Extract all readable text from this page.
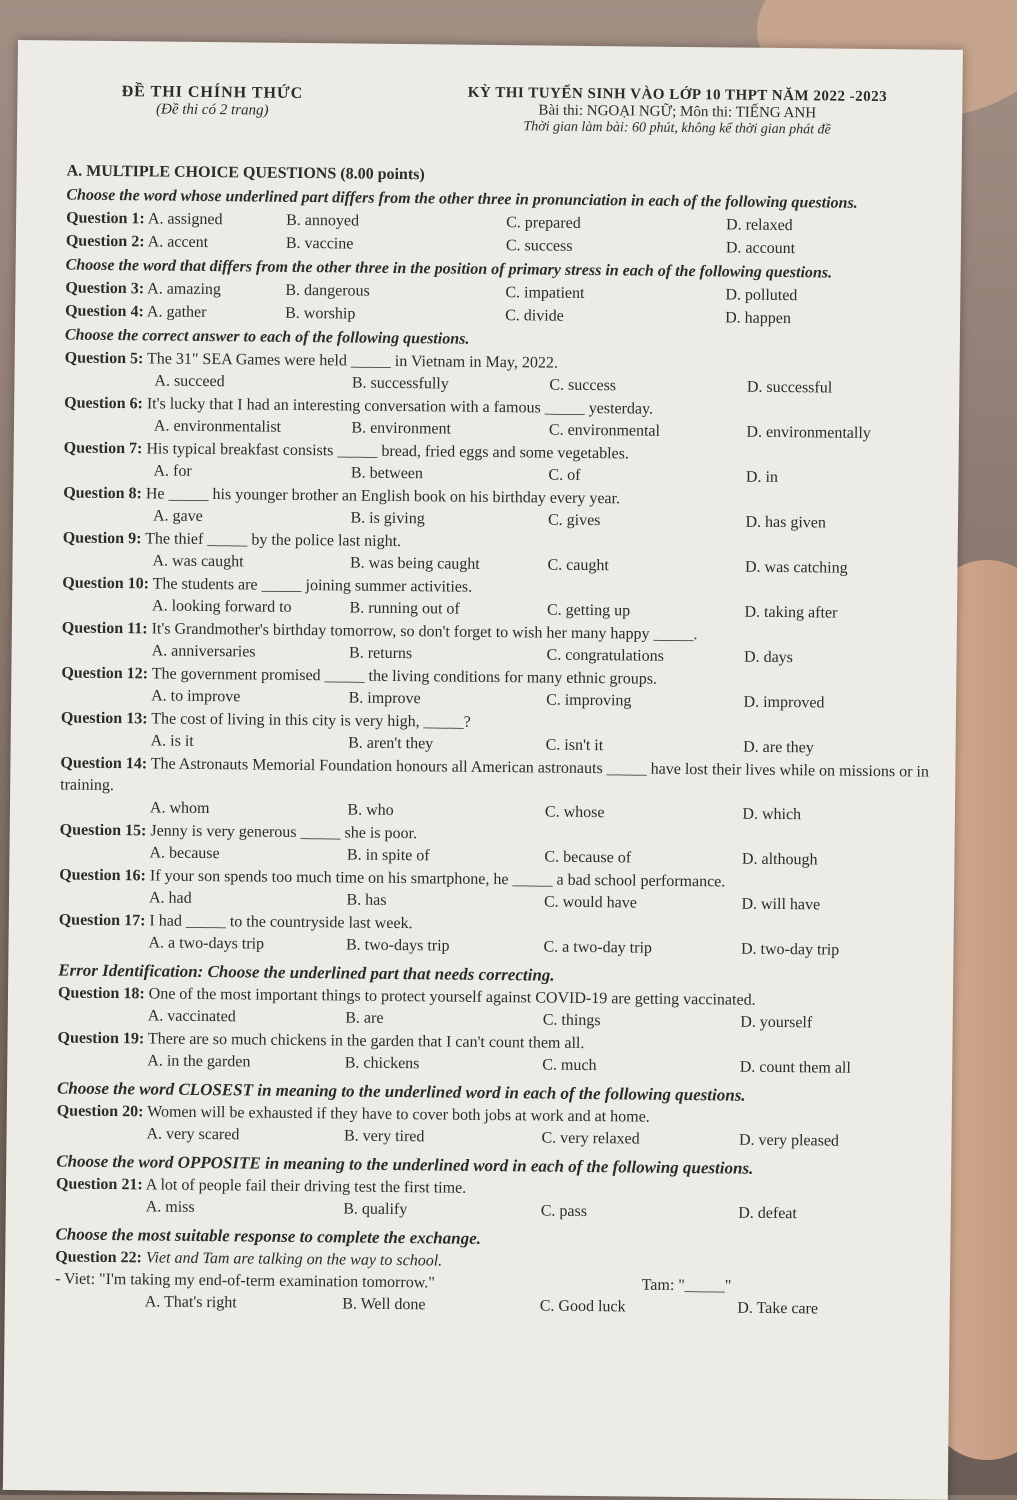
ĐỀ THI CHÍNH THỨC
(Đề thi có 2 trang)
KỲ THI TUYỂN SINH VÀO LỚP 10 THPT NĂM 2022 -2023
Bài thi: NGOẠI NGỮ; Môn thi: TIẾNG ANH
Thời gian làm bài: 60 phút, không kể thời gian phát đề
A. MULTIPLE CHOICE QUESTIONS (8.00 points)
Choose the word whose underlined part differs from the other three in pronunciation in each of the following questions.
Question 1: A. assigned	B. annoyed	C. prepared	D. relaxed
Question 2: A. accent	B. vaccine	C. success	D. account
Choose the word that differs from the other three in the position of primary stress in each of the following questions.
Question 3: A. amazing	B. dangerous	C. impatient	D. polluted
Question 4: A. gather	B. worship	C. divide	D. happen
Choose the correct answer to each of the following questions.
Question 5: The 31" SEA Games were held _____ in Vietnam in May, 2022.
A. succeed	B. successfully	C. success	D. successful
Question 6: It's lucky that I had an interesting conversation with a famous _____ yesterday.
A. environmentalist	B. environment	C. environmental	D. environmentally
Question 7: His typical breakfast consists _____ bread, fried eggs and some vegetables.
A. for	B. between	C. of	D. in
Question 8: He _____ his younger brother an English book on his birthday every year.
A. gave	B. is giving	C. gives	D. has given
Question 9: The thief _____ by the police last night.
A. was caught	B. was being caught	C. caught	D. was catching
Question 10: The students are _____ joining summer activities.
A. looking forward to	B. running out of	C. getting up	D. taking after
Question 11: It's Grandmother's birthday tomorrow, so don't forget to wish her many happy _____.
A. anniversaries	B. returns	C. congratulations	D. days
Question 12: The government promised _____ the living conditions for many ethnic groups.
A. to improve	B. improve	C. improving	D. improved
Question 13: The cost of living in this city is very high, _____?
A. is it	B. aren't they	C. isn't it	D. are they
Question 14: The Astronauts Memorial Foundation honours all American astronauts _____ have lost their lives while on missions or in training.
A. whom	B. who	C. whose	D. which
Question 15: Jenny is very generous _____ she is poor.
A. because	B. in spite of	C. because of	D. although
Question 16: If your son spends too much time on his smartphone, he _____ a bad school performance.
A. had	B. has	C. would have	D. will have
Question 17: I had _____ to the countryside last week.
A. a two-days trip	B. two-days trip	C. a two-day trip	D. two-day trip
Error Identification: Choose the underlined part that needs correcting.
Question 18: One of the most important things to protect yourself against COVID-19 are getting vaccinated.
A. vaccinated	B. are	C. things	D. yourself
Question 19: There are so much chickens in the garden that I can't count them all.
A. in the garden	B. chickens	C. much	D. count them all
Choose the word CLOSEST in meaning to the underlined word in each of the following questions.
Question 20: Women will be exhausted if they have to cover both jobs at work and at home.
A. very scared	B. very tired	C. very relaxed	D. very pleased
Choose the word OPPOSITE in meaning to the underlined word in each of the following questions.
Question 21: A lot of people fail their driving test the first time.
A. miss	B. qualify	C. pass	D. defeat
Choose the most suitable response to complete the exchange.
Question 22: Viet and Tam are talking on the way to school.
- Viet: "I'm taking my end-of-term examination tomorrow."	Tam: "_____"
A. That's right	B. Well done	C. Good luck	D. Take care
